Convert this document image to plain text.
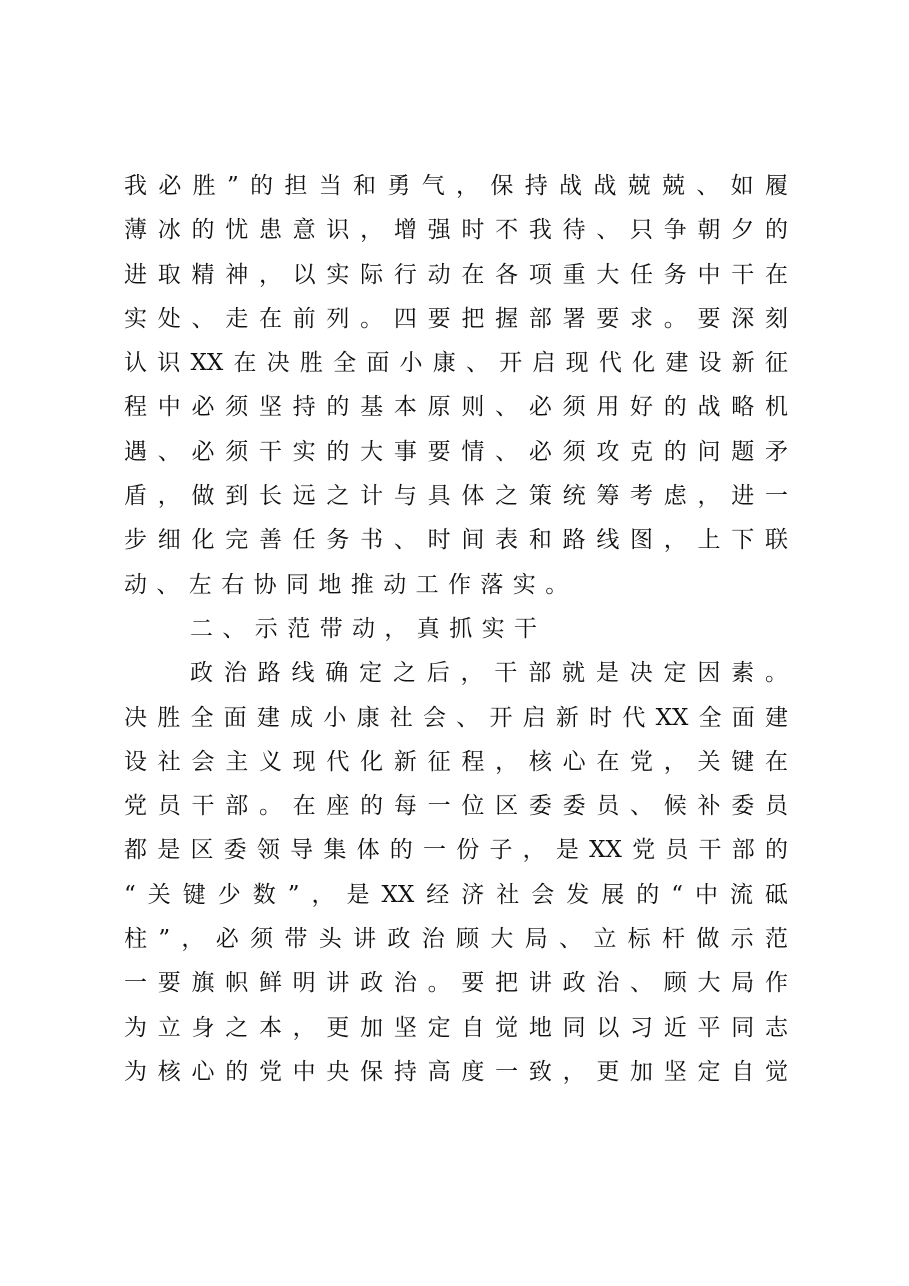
我必胜”的担当和勇气，保持战战兢兢、如履
薄冰的忧患意识，增强时不我待、只争朝夕的
进取精神，以实际行动在各项重大任务中干在
实处、走在前列。四要把握部署要求。要深刻
认识XX在决胜全面小康、开启现代化建设新征
程中必须坚持的基本原则、必须用好的战略机
遇、必须干实的大事要情、必须攻克的问题矛
盾，做到长远之计与具体之策统筹考虑，进一
步细化完善任务书、时间表和路线图，上下联
动、左右协同地推动工作落实。
二、示范带动，真抓实干
政治路线确定之后，干部就是决定因素。
决胜全面建成小康社会、开启新时代XX全面建
设社会主义现代化新征程，核心在党，关键在
党员干部。在座的每一位区委委员、候补委员
都是区委领导集体的一份子，是XX党员干部的
“关键少数”，是XX经济社会发展的“中流砥
柱”，必须带头讲政治顾大局、立标杆做示范
一要旗帜鲜明讲政治。要把讲政治、顾大局作
为立身之本，更加坚定自觉地同以习近平同志
为核心的党中央保持高度一致，更加坚定自觉
